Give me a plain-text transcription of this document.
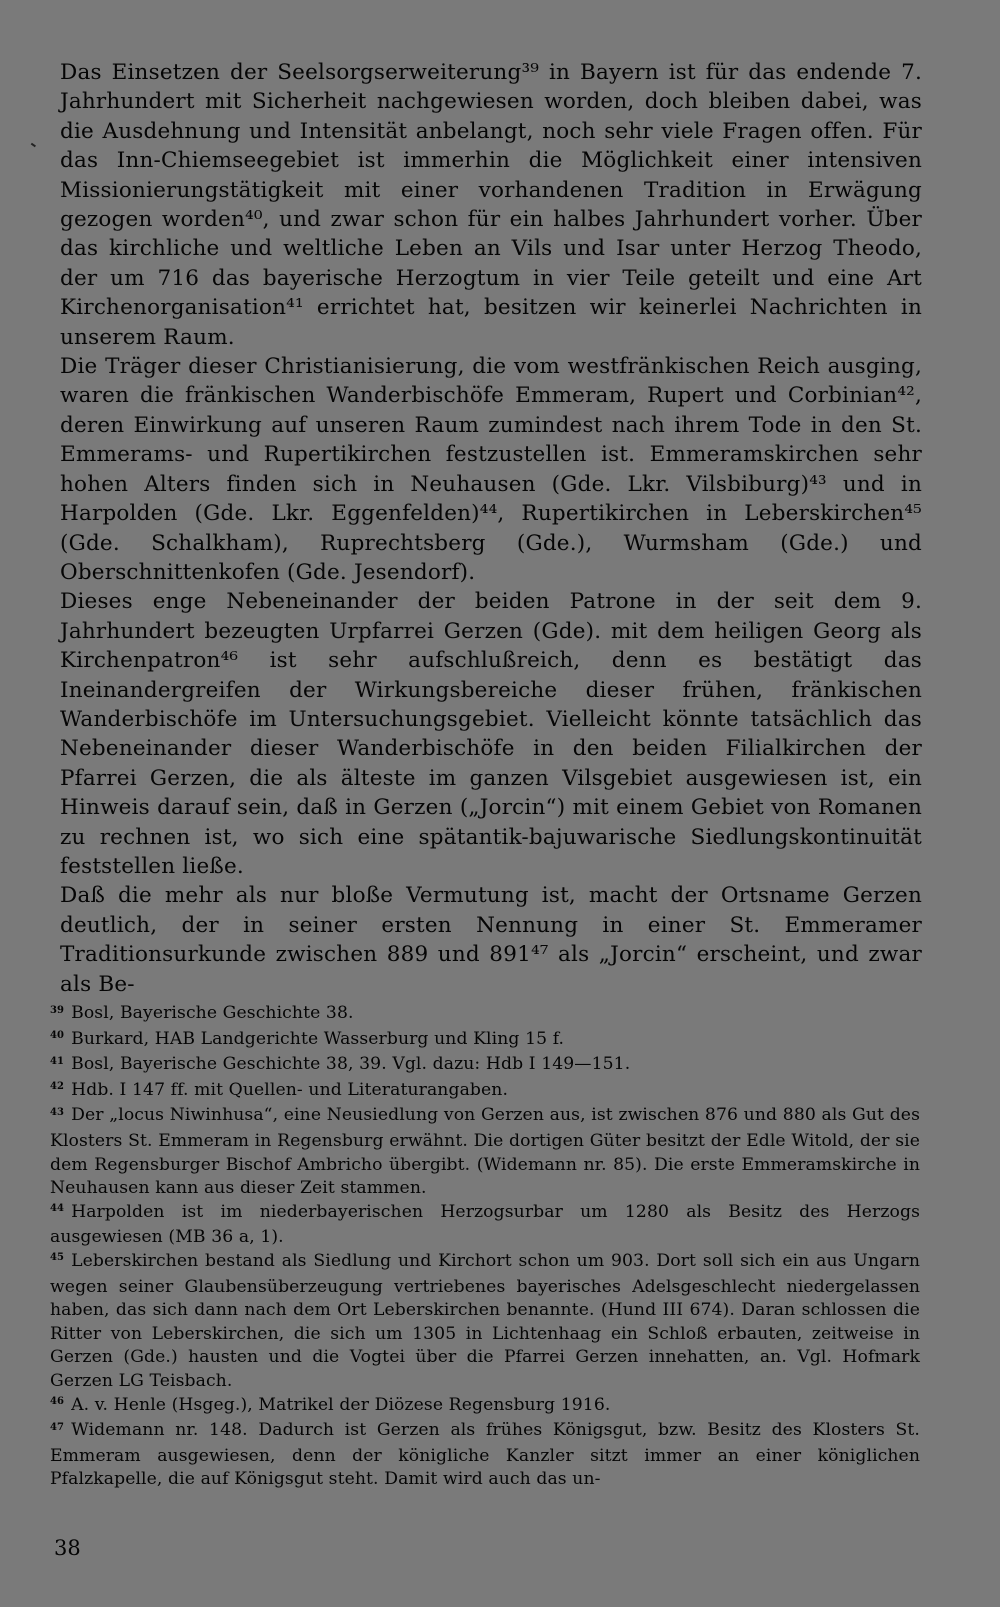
Das Einsetzen der Seelsorgserweiterung³⁹ in Bayern ist für das endende 7. Jahrhundert mit Sicherheit nachgewiesen worden, doch bleiben dabei, was die Ausdehnung und Intensität anbelangt, noch sehr viele Fragen offen. Für das Inn-Chiemseegebiet ist immerhin die Möglichkeit einer intensiven Missionierungstätigkeit mit einer vorhandenen Tradition in Erwägung gezogen worden⁴⁰, und zwar schon für ein halbes Jahrhundert vorher. Über das kirchliche und weltliche Leben an Vils und Isar unter Herzog Theodo, der um 716 das bayerische Herzogtum in vier Teile geteilt und eine Art Kirchenorganisation⁴¹ errichtet hat, besitzen wir keinerlei Nachrichten in unserem Raum.

Die Träger dieser Christianisierung, die vom westfränkischen Reich ausging, waren die fränkischen Wanderbischöfe Emmeram, Rupert und Corbinian⁴², deren Einwirkung auf unseren Raum zumindest nach ihrem Tode in den St. Emmerams- und Rupertikirchen festzustellen ist. Emmeramskirchen sehr hohen Alters finden sich in Neuhausen (Gde. Lkr. Vilsbiburg)⁴³ und in Harpolden (Gde. Lkr. Eggenfelden)⁴⁴, Rupertikirchen in Leberskirchen⁴⁵ (Gde. Schalkham), Ruprechtsberg (Gde.), Wurmsham (Gde.) und Oberschnittenkofen (Gde. Jesendorf).

Dieses enge Nebeneinander der beiden Patrone in der seit dem 9. Jahrhundert bezeugten Urpfarrei Gerzen (Gde). mit dem heiligen Georg als Kirchenpatron⁴⁶ ist sehr aufschlußreich, denn es bestätigt das Ineinandergreifen der Wirkungsbereiche dieser frühen, fränkischen Wanderbischöfe im Untersuchungsgebiet. Vielleicht könnte tatsächlich das Nebeneinander dieser Wanderbischöfe in den beiden Filialkirchen der Pfarrei Gerzen, die als älteste im ganzen Vilsgebiet ausgewiesen ist, ein Hinweis darauf sein, daß in Gerzen („Jorcin“) mit einem Gebiet von Romanen zu rechnen ist, wo sich eine spätantik-bajuwarische Siedlungskontinuität feststellen ließe.

Daß die mehr als nur bloße Vermutung ist, macht der Ortsname Gerzen deutlich, der in seiner ersten Nennung in einer St. Emmeramer Traditionsurkunde zwischen 889 und 891⁴⁷ als „Jorcin“ erscheint, und zwar als Be-

$^{39}$ Bosl, Bayerische Geschichte 38.

$^{40}$ Burkard, HAB Landgerichte Wasserburg und Kling 15 f.

$^{41}$ Bosl, Bayerische Geschichte 38, 39. Vgl. dazu: Hdb I 149—151.

$^{42}$ Hdb. I 147 ff. mit Quellen- und Literaturangaben.

$^{43}$ Der „locus Niwinhusa“, eine Neusiedlung von Gerzen aus, ist zwischen 876 und 880 als Gut des Klosters St. Emmeram in Regensburg erwähnt. Die dortigen Güter besitzt der Edle Witold, der sie dem Regensburger Bischof Ambricho übergibt. (Widemann nr. 85). Die erste Emmeramskirche in Neuhausen kann aus dieser Zeit stammen.

$^{44}$ Harpolden ist im niederbayerischen Herzogsurbar um 1280 als Besitz des Herzogs ausgewiesen (MB 36 a, 1).

$^{45}$ Leberskirchen bestand als Siedlung und Kirchort schon um 903. Dort soll sich ein aus Ungarn wegen seiner Glaubensüberzeugung vertriebenes bayerisches Adelsgeschlecht niedergelassen haben, das sich dann nach dem Ort Leberskirchen benannte. (Hund III 674). Daran schlossen die Ritter von Leberskirchen, die sich um 1305 in Lichtenhaag ein Schloß erbauten, zeitweise in Gerzen (Gde.) hausten und die Vogtei über die Pfarrei Gerzen innehatten, an. Vgl. Hofmark Gerzen LG Teisbach.

$^{46}$ A. v. Henle (Hsgeg.), Matrikel der Diözese Regensburg 1916.

$^{47}$ Widemann nr. 148. Dadurch ist Gerzen als frühes Königsgut, bzw. Besitz des Klosters St. Emmeram ausgewiesen, denn der königliche Kanzler sitzt immer an einer königlichen Pfalzkapelle, die auf Königsgut steht. Damit wird auch das un-

38
